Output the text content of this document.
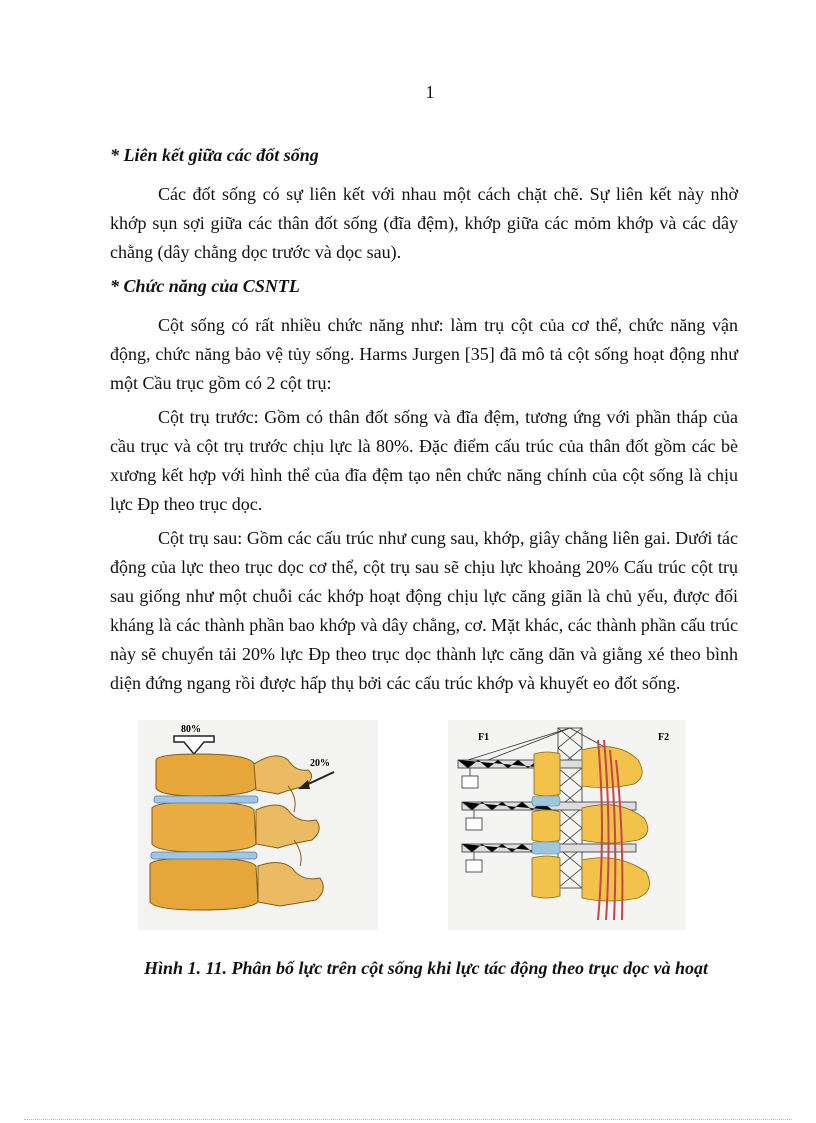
1

* Liên kết giữa các đốt sống

Các đốt sống có sự liên kết với nhau một cách chặt chẽ. Sự liên kết này nhờ khớp sụn sợi giữa các thân đốt sống (đĩa đệm), khớp giữa các mỏm khớp và các dây chằng (dây chằng dọc trước và dọc sau).

* Chức năng của CSNTL

Cột sống có rất nhiều chức năng như: làm trụ cột của cơ thể, chức năng vận động, chức năng bảo vệ tủy sống. Harms Jurgen [35] đã mô tả cột sống hoạt động như một Cầu trục gồm có 2 cột trụ:

Cột trụ trước: Gồm có thân đốt sống và đĩa đệm, tương ứng với phần tháp của cầu trục và cột trụ trước chịu lực là 80%. Đặc điểm cấu trúc của thân đốt gồm các bè xương kết hợp với hình thể của đĩa đệm tạo nên chức năng chính của cột sống là chịu lực Đp theo trục dọc.

Cột trụ sau: Gồm các cấu trúc như cung sau, khớp, giây chằng liên gai. Dưới tác động của lực theo trục dọc cơ thể, cột trụ sau sẽ chịu lực khoảng 20% Cấu trúc cột trụ sau giống như một chuỗi các khớp hoạt động chịu lực căng giãn là chủ yếu, được đối kháng là các thành phần bao khớp và dây chằng, cơ. Mặt khác, các thành phần cấu trúc này sẽ chuyển tải 20% lực Đp theo trục dọc thành lực căng dãn và giằng xé theo bình diện đứng ngang rồi được hấp thụ bởi các cấu trúc khớp và khuyết eo đốt sống.

80%
20%
F1	F2
Hình 1. 11. Phân bố lực trên cột sống khi lực tác động theo trục dọc và hoạt
